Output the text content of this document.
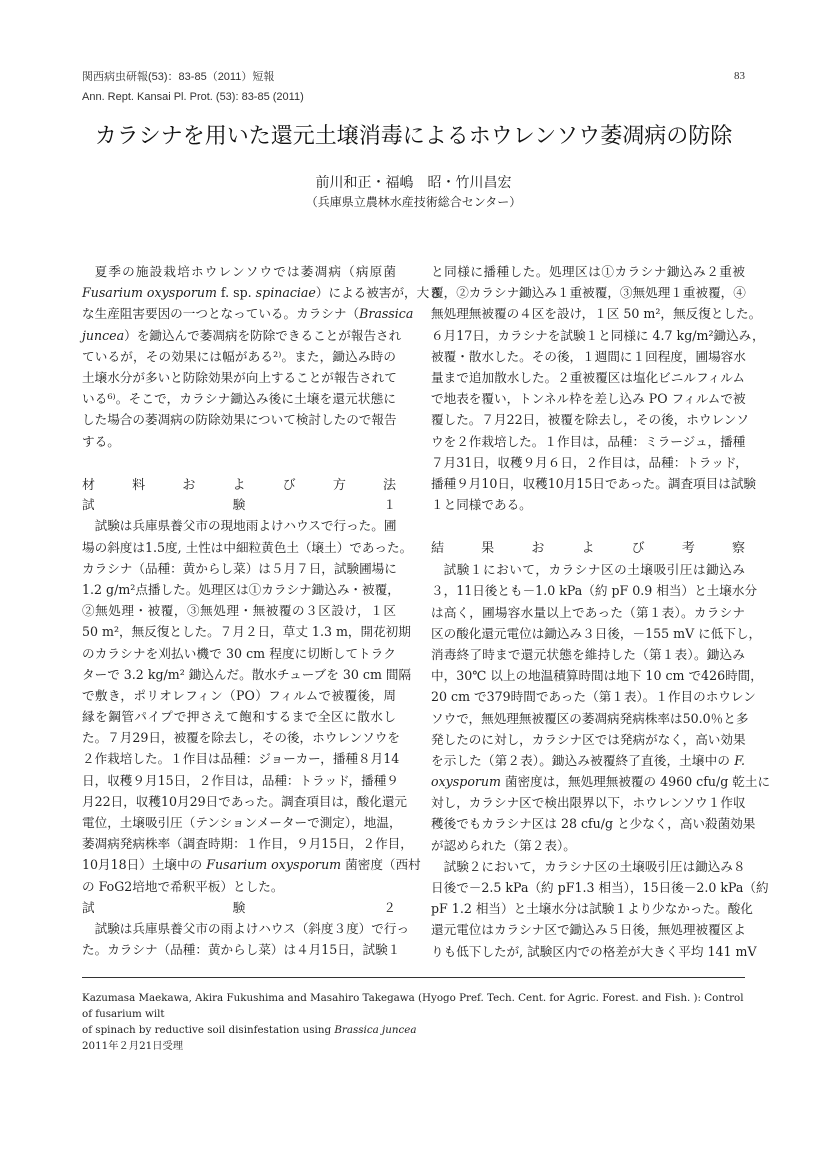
関西病虫研報(53)：83-85（2011）短報
Ann. Rept. Kansai Pl. Prot. (53): 83-85 (2011)
83
カラシナを用いた還元土壌消毒によるホウレンソウ萎凋病の防除
前川和正・福嶋　昭・竹川昌宏
（兵庫県立農林水産技術総合センター）
夏季の施設栽培ホウレンソウでは萎凋病（病原菌
Fusarium oxysporum f. sp. spinaciae）による被害が，大き
な生産阻害要因の一つとなっている。カラシナ（Brassica
juncea）を鋤込んで萎凋病を防除できることが報告され
ているが，その効果には幅がある²⁾。また，鋤込み時の
土壌水分が多いと防除効果が向上することが報告されて
いる⁶⁾。そこで，カラシナ鋤込み後に土壌を還元状態に
した場合の萎凋病の防除効果について検討したので報告
する。
材料および方法
試験１
試験は兵庫県養父市の現地雨よけハウスで行った。圃
場の斜度は1.5度, 土性は中細粒黄色土（壌土）であった。
カラシナ（品種：黄からし菜）は５月７日，試験圃場に
1.2 g/m²点播した。処理区は①カラシナ鋤込み・被覆，
②無処理・被覆，③無処理・無被覆の３区設け，１区
50 m²，無反復とした。７月２日，草丈 1.3 m，開花初期
のカラシナを刈払い機で 30 cm 程度に切断してトラク
ターで 3.2 kg/m² 鋤込んだ。散水チューブを 30 cm 間隔
で敷き，ポリオレフィン（PO）フィルムで被覆後，周
縁を鋼管パイプで押さえて飽和するまで全区に散水し
た。７月29日，被覆を除去し，その後，ホウレンソウを
２作栽培した。１作目は品種：ジョーカー，播種８月14
日，収穫９月15日，２作目は，品種：トラッド，播種９
月22日，収穫10月29日であった。調査項目は，酸化還元
電位，土壌吸引圧（テンションメーターで測定），地温，
萎凋病発病株率（調査時期：１作目，９月15日，２作目，
10月18日）土壌中の Fusarium oxysporum 菌密度（西村
の FoG2培地で希釈平板）とした。
試験２
試験は兵庫県養父市の雨よけハウス（斜度３度）で行っ
た。カラシナ（品種：黄からし菜）は４月15日，試験１
と同様に播種した。処理区は①カラシナ鋤込み２重被
覆，②カラシナ鋤込み１重被覆，③無処理１重被覆，④
無処理無被覆の４区を設け，１区 50 m²，無反復とした。
６月17日，カラシナを試験１と同様に 4.7 kg/m²鋤込み，
被覆・散水した。その後，１週間に１回程度，圃場容水
量まで追加散水した。２重被覆区は塩化ビニルフィルム
で地表を覆い，トンネル枠を差し込み PO フィルムで被
覆した。７月22日，被覆を除去し，その後，ホウレンソ
ウを２作栽培した。１作目は，品種：ミラージュ，播種
７月31日，収穫９月６日，２作目は，品種：トラッド，
播種９月10日，収穫10月15日であった。調査項目は試験
１と同様である。
結果および考察
試験１において，カラシナ区の土壌吸引圧は鋤込み
３，11日後とも－1.0 kPa（約 pF 0.9 相当）と土壌水分
は高く，圃場容水量以上であった（第１表）。カラシナ
区の酸化還元電位は鋤込み３日後，－155 mV に低下し，
消毒終了時まで還元状態を維持した（第１表）。鋤込み
中，30℃ 以上の地温積算時間は地下 10 cm で426時間，
20 cm で379時間であった（第１表）。１作目のホウレン
ソウで，無処理無被覆区の萎凋病発病株率は50.0％と多
発したのに対し，カラシナ区では発病がなく，高い効果
を示した（第２表）。鋤込み被覆終了直後，土壌中の F.
oxysporum 菌密度は，無処理無被覆の 4960 cfu/g 乾土に
対し，カラシナ区で検出限界以下，ホウレンソウ１作収
穫後でもカラシナ区は 28 cfu/g と少なく，高い殺菌効果
が認められた（第２表）。
試験２において，カラシナ区の土壌吸引圧は鋤込み８
日後で－2.5 kPa（約 pF1.3 相当），15日後－2.0 kPa（約
pF 1.2 相当）と土壌水分は試験１より少なかった。酸化
還元電位はカラシナ区で鋤込み５日後，無処理被覆区よ
りも低下したが, 試験区内での格差が大きく平均 141 mV
Kazumasa Maekawa, Akira Fukushima and Masahiro Takegawa (Hyogo Pref. Tech. Cent. for Agric. Forest. and Fish. ): Control of fusarium wilt
of spinach by reductive soil disinfestation using Brassica juncea
2011年２月21日受理
